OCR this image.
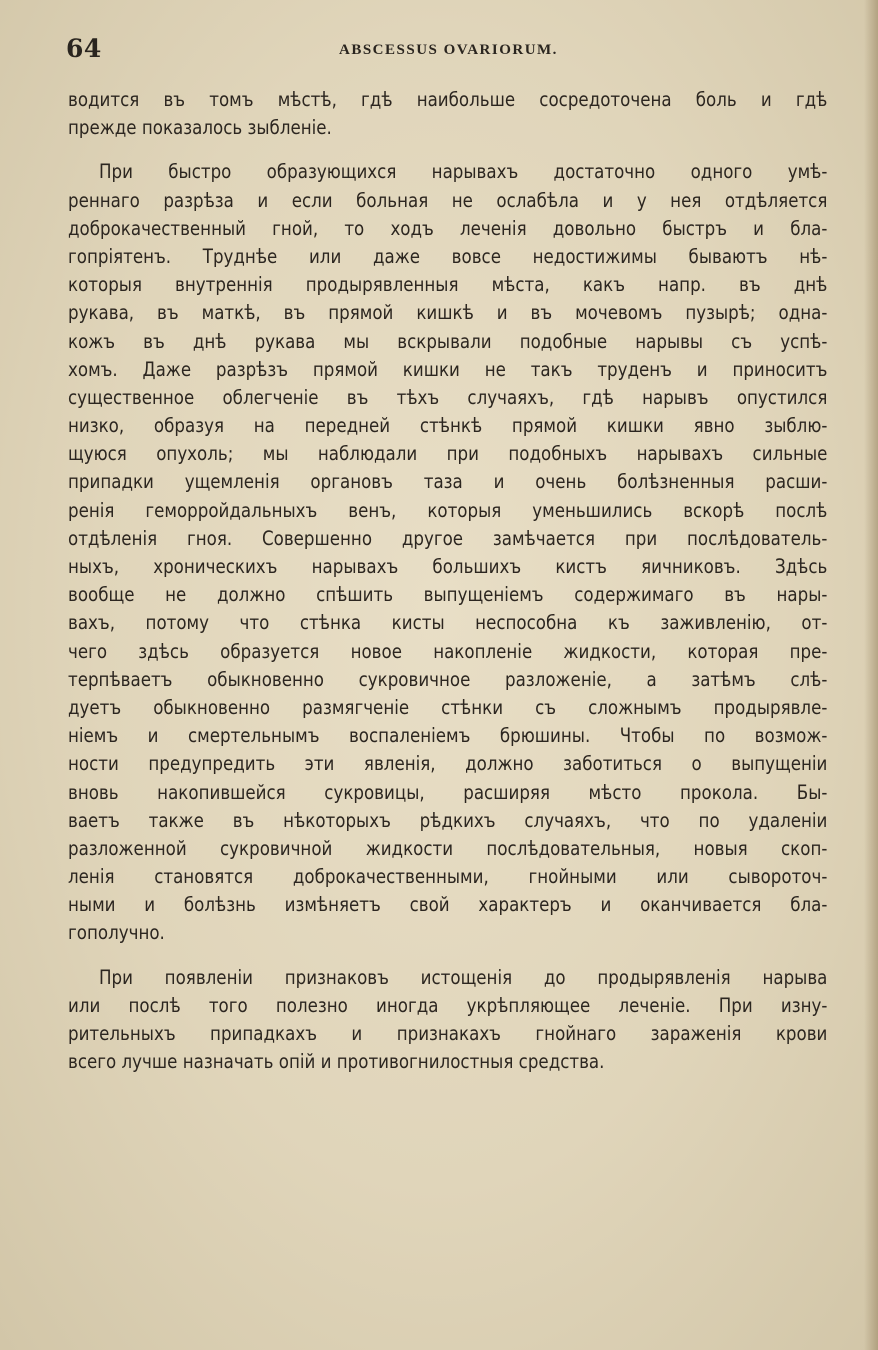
64	ABSCESSUS OVARIORUM.
водится въ томъ мѣстѣ, гдѣ наибольше сосредоточена боль и гдѣ
прежде показалось зыбленіе.
При быстро образующихся нарывахъ достаточно одного умѣ-
реннаго разрѣза и если больная не ослабѣла и у нея отдѣляется
доброкачественный гной, то ходъ леченія довольно быстръ и бла-
гопріятенъ. Труднѣе или даже вовсе недостижимы бываютъ нѣ-
которыя внутреннія продырявленныя мѣста, какъ напр. въ днѣ
рукава, въ маткѣ, въ прямой кишкѣ и въ мочевомъ пузырѣ; одна-
кожъ въ днѣ рукава мы вскрывали подобные нарывы съ успѣ-
хомъ. Даже разрѣзъ прямой кишки не такъ труденъ и приноситъ
существенное облегченіе въ тѣхъ случаяхъ, гдѣ нарывъ опустился
низко, образуя на передней стѣнкѣ прямой кишки явно зыблю-
щуюся опухоль; мы наблюдали при подобныхъ нарывахъ сильные
припадки ущемленія органовъ таза и очень болѣзненныя расши-
ренія геморройдальныхъ венъ, которыя уменьшились вскорѣ послѣ
отдѣленія гноя. Совершенно другое замѣчается при послѣдователь-
ныхъ, хроническихъ нарывахъ большихъ кистъ яичниковъ. Здѣсь
вообще не должно спѣшить выпущеніемъ содержимаго въ нары-
вахъ, потому что стѣнка кисты неспособна къ заживленію, от-
чего здѣсь образуется новое накопленіе жидкости, которая пре-
терпѣваетъ обыкновенно сукровичное разложеніе, а затѣмъ слѣ-
дуетъ обыкновенно размягченіе стѣнки съ сложнымъ продырявле-
ніемъ и смертельнымъ воспаленіемъ брюшины. Чтобы по возмож-
ности предупредить эти явленія, должно заботиться о выпущеніи
вновь накопившейся сукровицы, расширяя мѣсто прокола. Бы-
ваетъ также въ нѣкоторыхъ рѣдкихъ случаяхъ, что по удаленіи
разложенной сукровичной жидкости послѣдовательныя, новыя скоп-
ленія становятся доброкачественными, гнойными или сывороточ-
ными и болѣзнь измѣняетъ свой характеръ и оканчивается бла-
гополучно.
При появленіи признаковъ истощенія до продырявленія нарыва
или послѣ того полезно иногда укрѣпляющее леченіе. При изну-
рительныхъ припадкахъ и признакахъ гнойнаго зараженія крови
всего лучше назначать опій и противогнилостныя средства.
